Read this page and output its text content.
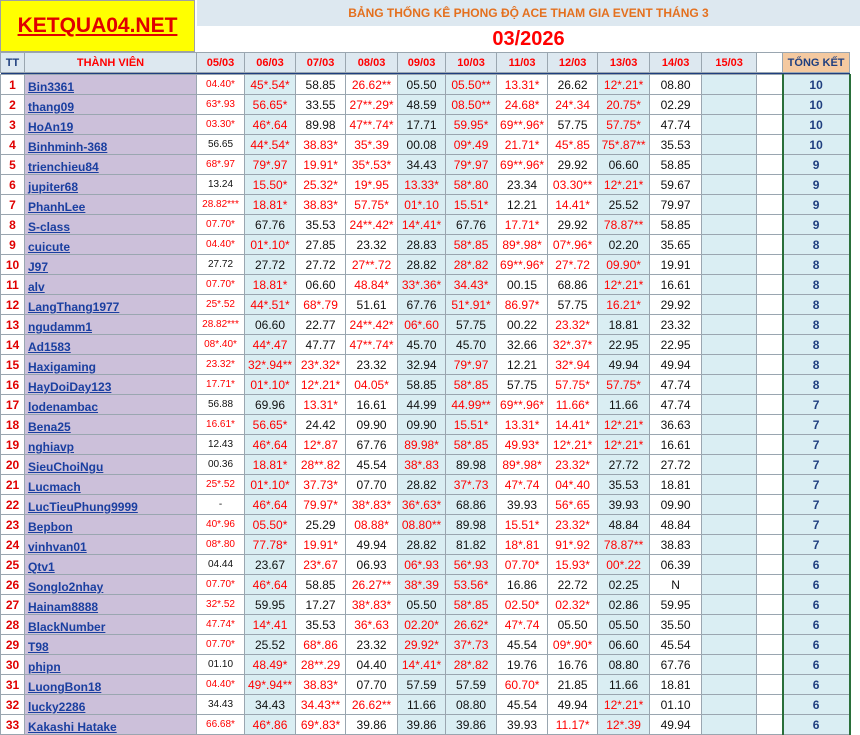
KETQUA04.NET
BẢNG THỐNG KÊ PHONG ĐỘ ACE THAM GIA EVENT THÁNG 3
03/2026
TT	THÀNH VIÊN	05/03	06/03	07/03	08/03	09/03	10/03	11/03	12/03	13/03	14/03	15/03		TỔNG KẾT

1	Bin3361	04.40*	45*.54*	58.85	26.62**	05.50	05.50**	13.31*	26.62	12*.21*	08.80			10
2	thang09	63*.93	56.65*	33.55	27**.29*	48.59	08.50**	24.68*	24*.34	20.75*	02.29			10
3	HoAn19	03.30*	46*.64	89.98	47**.74*	17.71	59.95*	69**.96*	57.75	57.75*	47.74			10
4	Binhminh-368	56.65	44*.54*	38.83*	35*.39	00.08	09*.49	21.71*	45*.85	75*.87**	35.53			10
5	trienchieu84	68*.97	79*.97	19.91*	35*.53*	34.43	79*.97	69**.96*	29.92	06.60	58.85			9
6	jupiter68	13.24	15.50*	25.32*	19*.95	13.33*	58*.80	23.34	03.30**	12*.21*	59.67			9
7	PhanhLee	28.82***	18.81*	38.83*	57.75*	01*.10	15.51*	12.21	14.41*	25.52	79.97			9
8	S-class	07.70*	67.76	35.53	24**.42*	14*.41*	67.76	17.71*	29.92	78.87**	58.85			9
9	cuicute	04.40*	01*.10*	27.85	23.32	28.83	58*.85	89*.98*	07*.96*	02.20	35.65			8
10	J97	27.72	27.72	27.72	27**.72	28.82	28*.82	69**.96*	27*.72	09.90*	19.91			8
11	alv	07.70*	18.81*	06.60	48.84*	33*.36*	34.43*	00.15	68.86	12*.21*	16.61			8
12	LangThang1977	25*.52	44*.51*	68*.79	51.61	67.76	51*.91*	86.97*	57.75	16.21*	29.92			8
13	ngudamm1	28.82***	06.60	22.77	24**.42*	06*.60	57.75	00.22	23.32*	18.81	23.32			8
14	Ad1583	08*.40*	44*.47	47.77	47**.74*	45.70	45.70	32.66	32*.37*	22.95	22.95			8
15	Haxigaming	23.32*	32*.94**	23*.32*	23.32	32.94	79*.97	12.21	32*.94	49.94	49.94			8
16	HayDoiDay123	17.71*	01*.10*	12*.21*	04.05*	58.85	58*.85	57.75	57.75*	57.75*	47.74			8
17	lodenambac	56.88	69.96	13.31*	16.61	44.99	44.99**	69**.96*	11.66*	11.66	47.74			7
18	Bena25	16.61*	56.65*	24.42	09.90	09.90	15.51*	13.31*	14.41*	12*.21*	36.63			7
19	nghiavp	12.43	46*.64	12*.87	67.76	89.98*	58*.85	49.93*	12*.21*	12*.21*	16.61			7
20	SieuChoiNgu	00.36	18.81*	28**.82	45.54	38*.83	89.98	89*.98*	23.32*	27.72	27.72			7
21	Lucmach	25*.52	01*.10*	37.73*	07.70	28.82	37*.73	47*.74	04*.40	35.53	18.81			7
22	LucTieuPhung9999	-	46*.64	79.97*	38*.83*	36*.63*	68.86	39.93	56*.65	39.93	09.90			7
23	Bepbon	40*.96	05.50*	25.29	08.88*	08.80**	89.98	15.51*	23.32*	48.84	48.84			7
24	vinhvan01	08*.80	77.78*	19.91*	49.94	28.82	81.82	18*.81	91*.92	78.87**	38.83			7
25	Qtv1	04.44	23.67	23*.67	06.93	06*.93	56*.93	07.70*	15.93*	00*.22	06.39			6
26	Songlo2nhay	07.70*	46*.64	58.85	26.27**	38*.39	53.56*	16.86	22.72	02.25	N			6
27	Hainam8888	32*.52	59.95	17.27	38*.83*	05.50	58*.85	02.50*	02.32*	02.86	59.95			6
28	BlackNumber	47.74*	14*.41	35.53	36*.63	02.20*	26.62*	47*.74	05.50	05.50	35.50			6
29	T98	07.70*	25.52	68*.86	23.32	29.92*	37*.73	45.54	09*.90*	06.60	45.54			6
30	phipn	01.10	48.49*	28**.29	04.40	14*.41*	28*.82	19.76	16.76	08.80	67.76			6
31	LuongBon18	04.40*	49*.94**	38.83*	07.70	57.59	57.59	60.70*	21.85	11.66	18.81			6
32	lucky2286	34.43	34.43	34.43**	26.62**	11.66	08.80	45.54	49.94	12*.21*	01.10			6
33	Kakashi Hatake	66.68*	46*.86	69*.83*	39.86	39.86	39.86	39.93	11.17*	12*.39	49.94			6
